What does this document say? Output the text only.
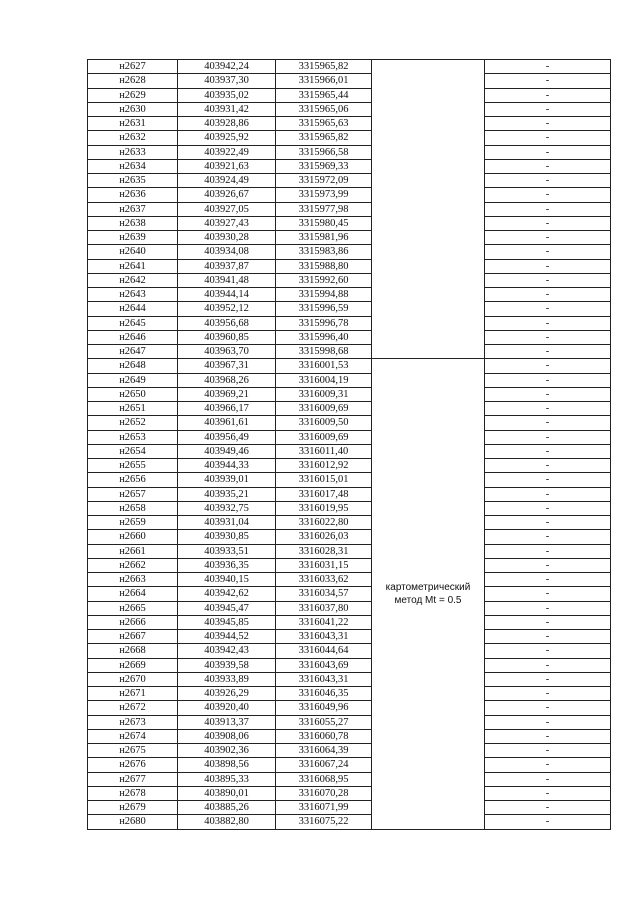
н2627	403942,24	3315965,82		-
н2628	403937,30	3315966,01		-
н2629	403935,02	3315965,44		-
н2630	403931,42	3315965,06		-
н2631	403928,86	3315965,63		-
н2632	403925,92	3315965,82		-
н2633	403922,49	3315966,58		-
н2634	403921,63	3315969,33		-
н2635	403924,49	3315972,09		-
н2636	403926,67	3315973,99		-
н2637	403927,05	3315977,98		-
н2638	403927,43	3315980,45		-
н2639	403930,28	3315981,96		-
н2640	403934,08	3315983,86		-
н2641	403937,87	3315988,80		-
н2642	403941,48	3315992,60		-
н2643	403944,14	3315994,88		-
н2644	403952,12	3315996,59		-
н2645	403956,68	3315996,78		-
н2646	403960,85	3315996,40		-
н2647	403963,70	3315998,68		-
н2648	403967,31	3316001,53	картометрический
метод Mt = 0.5	-
н2649	403968,26	3316004,19		-
н2650	403969,21	3316009,31		-
н2651	403966,17	3316009,69		-
н2652	403961,61	3316009,50		-
н2653	403956,49	3316009,69		-
н2654	403949,46	3316011,40		-
н2655	403944,33	3316012,92		-
н2656	403939,01	3316015,01		-
н2657	403935,21	3316017,48		-
н2658	403932,75	3316019,95		-
н2659	403931,04	3316022,80		-
н2660	403930,85	3316026,03		-
н2661	403933,51	3316028,31		-
н2662	403936,35	3316031,15		-
н2663	403940,15	3316033,62		-
н2664	403942,62	3316034,57		-
н2665	403945,47	3316037,80		-
н2666	403945,85	3316041,22		-
н2667	403944,52	3316043,31		-
н2668	403942,43	3316044,64		-
н2669	403939,58	3316043,69		-
н2670	403933,89	3316043,31		-
н2671	403926,29	3316046,35		-
н2672	403920,40	3316049,96		-
н2673	403913,37	3316055,27		-
н2674	403908,06	3316060,78		-
н2675	403902,36	3316064,39		-
н2676	403898,56	3316067,24		-
н2677	403895,33	3316068,95		-
н2678	403890,01	3316070,28		-
н2679	403885,26	3316071,99		-
н2680	403882,80	3316075,22		-
